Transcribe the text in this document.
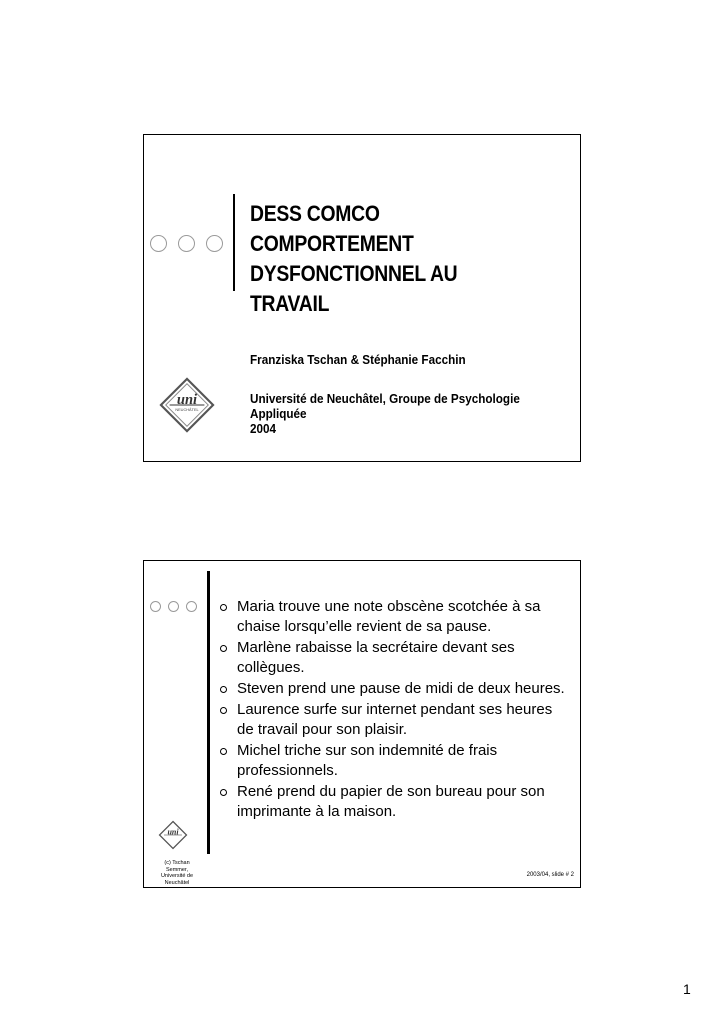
DESS COMCO
COMPORTEMENT
DYSFONCTIONNEL AU
TRAVAIL
Franziska Tschan & Stéphanie Facchin
Université de Neuchâtel, Groupe de Psychologie
Appliquée
2004
uni
NEUCHÂTEL
Maria trouve une note obscène scotchée à sa chaise lorsqu’elle revient de sa pause.
Marlène rabaisse la secrétaire devant ses collègues.
Steven prend une pause de midi de deux heures.
Laurence surfe sur internet pendant ses heures de travail pour son plaisir.
Michel triche sur son indemnité de frais professionnels.
René prend du papier de son bureau pour son imprimante à la maison.
uni
(c) Tschan
Semmer,
Université de
Neuchâtel
2003/04, slide # 2
1
